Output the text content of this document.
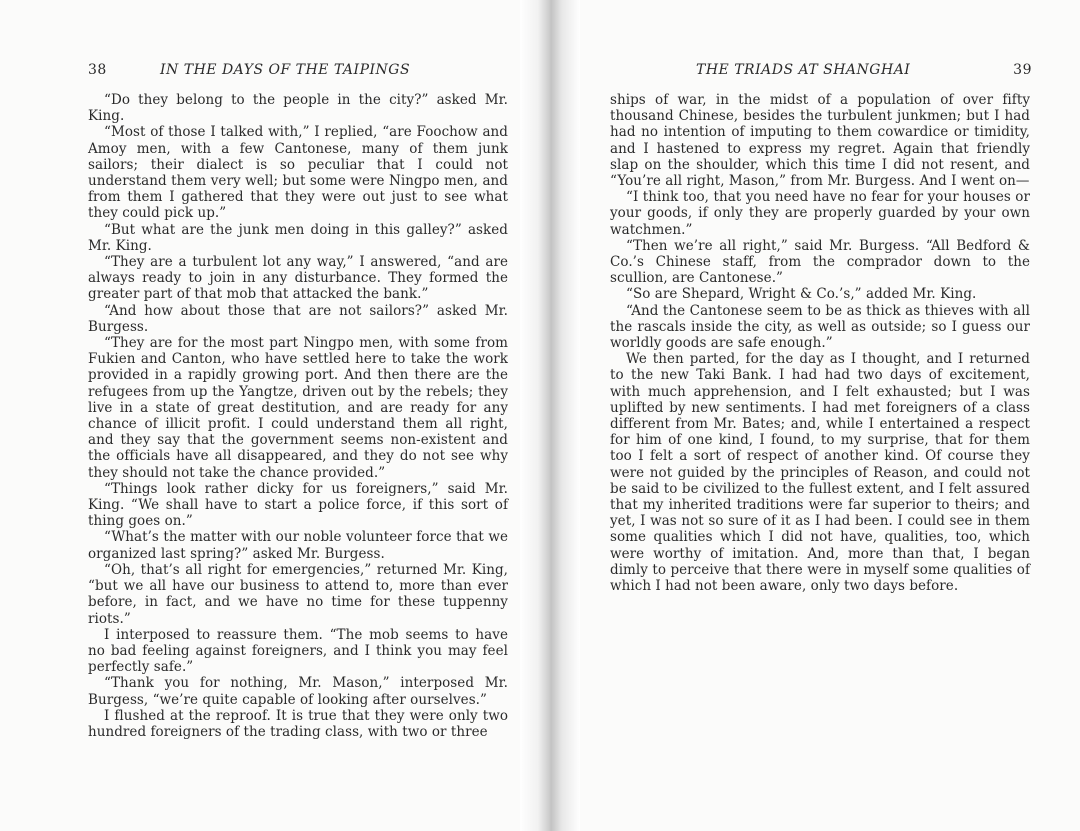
38	IN THE DAYS OF THE TAIPINGS

“Do they belong to the people in the city?” asked Mr. King.

“Most of those I talked with,” I replied, “are Foochow and Amoy men, with a few Cantonese, many of them junk sailors; their dialect is so peculiar that I could not understand them very well; but some were Ningpo men, and from them I gathered that they were out just to see what they could pick up.”

“But what are the junk men doing in this galley?” asked Mr. King.

“They are a turbulent lot any way,” I answered, “and are always ready to join in any disturbance. They formed the greater part of that mob that attacked the bank.”

“And how about those that are not sailors?” asked Mr. Burgess.

“They are for the most part Ningpo men, with some from Fukien and Canton, who have settled here to take the work provided in a rapidly growing port. And then there are the refugees from up the Yangtze, driven out by the rebels; they live in a state of great destitution, and are ready for any chance of illicit profit. I could understand them all right, and they say that the government seems non-existent and the officials have all disappeared, and they do not see why they should not take the chance provided.”

“Things look rather dicky for us foreigners,” said Mr. King. “We shall have to start a police force, if this sort of thing goes on.”

“What’s the matter with our noble volunteer force that we organized last spring?” asked Mr. Burgess.

“Oh, that’s all right for emergencies,” returned Mr. King, “but we all have our business to attend to, more than ever before, in fact, and we have no time for these tuppenny riots.”

I interposed to reassure them. “The mob seems to have no bad feeling against foreigners, and I think you may feel perfectly safe.”

“Thank you for nothing, Mr. Mason,” interposed Mr. Burgess, “we’re quite capable of looking after ourselves.”

I flushed at the reproof. It is true that they were only two hundred foreigners of the trading class, with two or three

THE TRIADS AT SHANGHAI	39

ships of war, in the midst of a population of over fifty thousand Chinese, besides the turbulent junkmen; but I had had no intention of imputing to them cowardice or timidity, and I hastened to express my regret. Again that friendly slap on the shoulder, which this time I did not resent, and “You’re all right, Mason,” from Mr. Burgess. And I went on—

“I think too, that you need have no fear for your houses or your goods, if only they are properly guarded by your own watchmen.”

“Then we’re all right,” said Mr. Burgess. “All Bedford & Co.’s Chinese staff, from the comprador down to the scullion, are Cantonese.”

“So are Shepard, Wright & Co.’s,” added Mr. King.

“And the Cantonese seem to be as thick as thieves with all the rascals inside the city, as well as outside; so I guess our worldly goods are safe enough.”

We then parted, for the day as I thought, and I returned to the new Taki Bank. I had had two days of excitement, with much apprehension, and I felt exhausted; but I was uplifted by new sentiments. I had met foreigners of a class different from Mr. Bates; and, while I entertained a respect for him of one kind, I found, to my surprise, that for them too I felt a sort of respect of another kind. Of course they were not guided by the principles of Reason, and could not be said to be civilized to the fullest extent, and I felt assured that my inherited traditions were far superior to theirs; and yet, I was not so sure of it as I had been. I could see in them some qualities which I did not have, qualities, too, which were worthy of imitation. And, more than that, I began dimly to perceive that there were in myself some qualities of which I had not been aware, only two days before.
